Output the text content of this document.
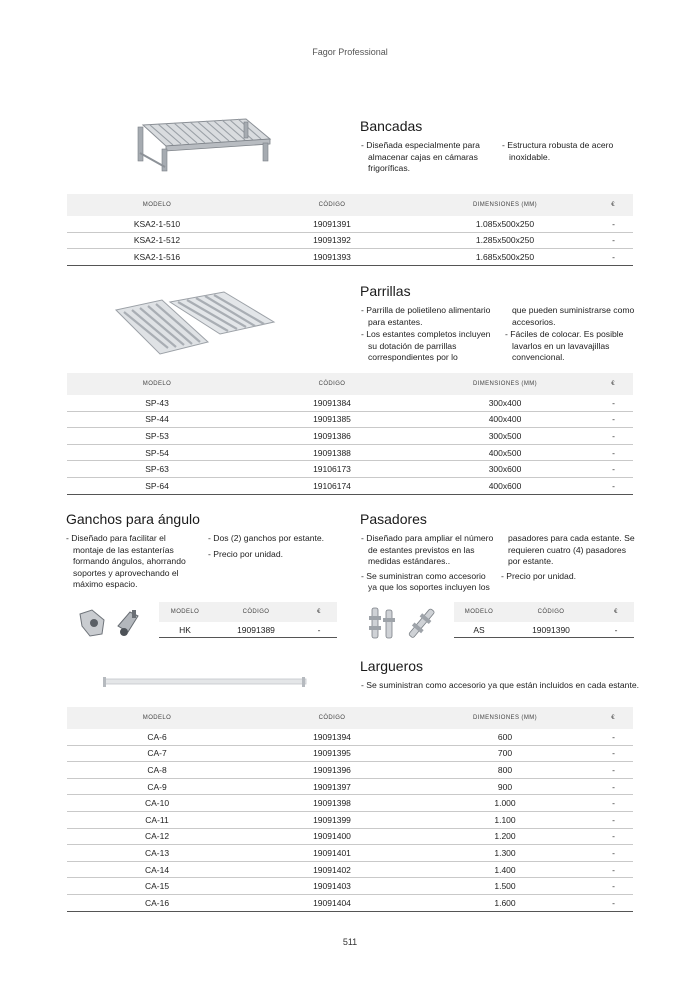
Fagor Professional
Bancadas

- Diseñada especialmente para almacenar cajas en cámaras frigoríficas.

- Estructura robusta de acero inoxidable.

MODELO	CÓDIGO	DIMENSIONES (MM)	€
KSA2-1-510	19091391	1.085x500x250	-
KSA2-1-512	19091392	1.285x500x250	-
KSA2-1-516	19091393	1.685x500x250	-
Parrillas

- Parrilla de polietileno alimentario para estantes.

- Los estantes completos incluyen su dotación de parrillas correspondientes por lo

que pueden suministrarse como accesorios.

- Fáciles de colocar. Es posible lavarlos en un lavavajillas convencional.

MODELO	CÓDIGO	DIMENSIONES (MM)	€
SP-43	19091384	300x400	-
SP-44	19091385	400x400	-
SP-53	19091386	300x500	-
SP-54	19091388	400x500	-
SP-63	19106173	300x600	-
SP-64	19106174	400x600	-
Ganchos para ángulo

- Diseñado para facilitar el montaje de las estanterías formando ángulos, ahorrando soportes y aprovechando el máximo espacio.

- Dos (2) ganchos por estante.

- Precio por unidad.

MODELO	CÓDIGO	€
HK	19091389	-
Pasadores

- Diseñado para ampliar el número de estantes previstos en las medidas estándares..

- Se suministran como accesorio ya que los soportes incluyen los

pasadores para cada estante. Se requieren cuatro (4) pasadores por estante.

- Precio por unidad.

MODELO	CÓDIGO	€
AS	19091390	-
Largueros

- Se suministran como accesorio ya que están incluidos en cada estante.

MODELO	CÓDIGO	DIMENSIONES (MM)	€
CA-6	19091394	600	-
CA-7	19091395	700	-
CA-8	19091396	800	-
CA-9	19091397	900	-
CA-10	19091398	1.000	-
CA-11	19091399	1.100	-
CA-12	19091400	1.200	-
CA-13	19091401	1.300	-
CA-14	19091402	1.400	-
CA-15	19091403	1.500	-
CA-16	19091404	1.600	-
511
